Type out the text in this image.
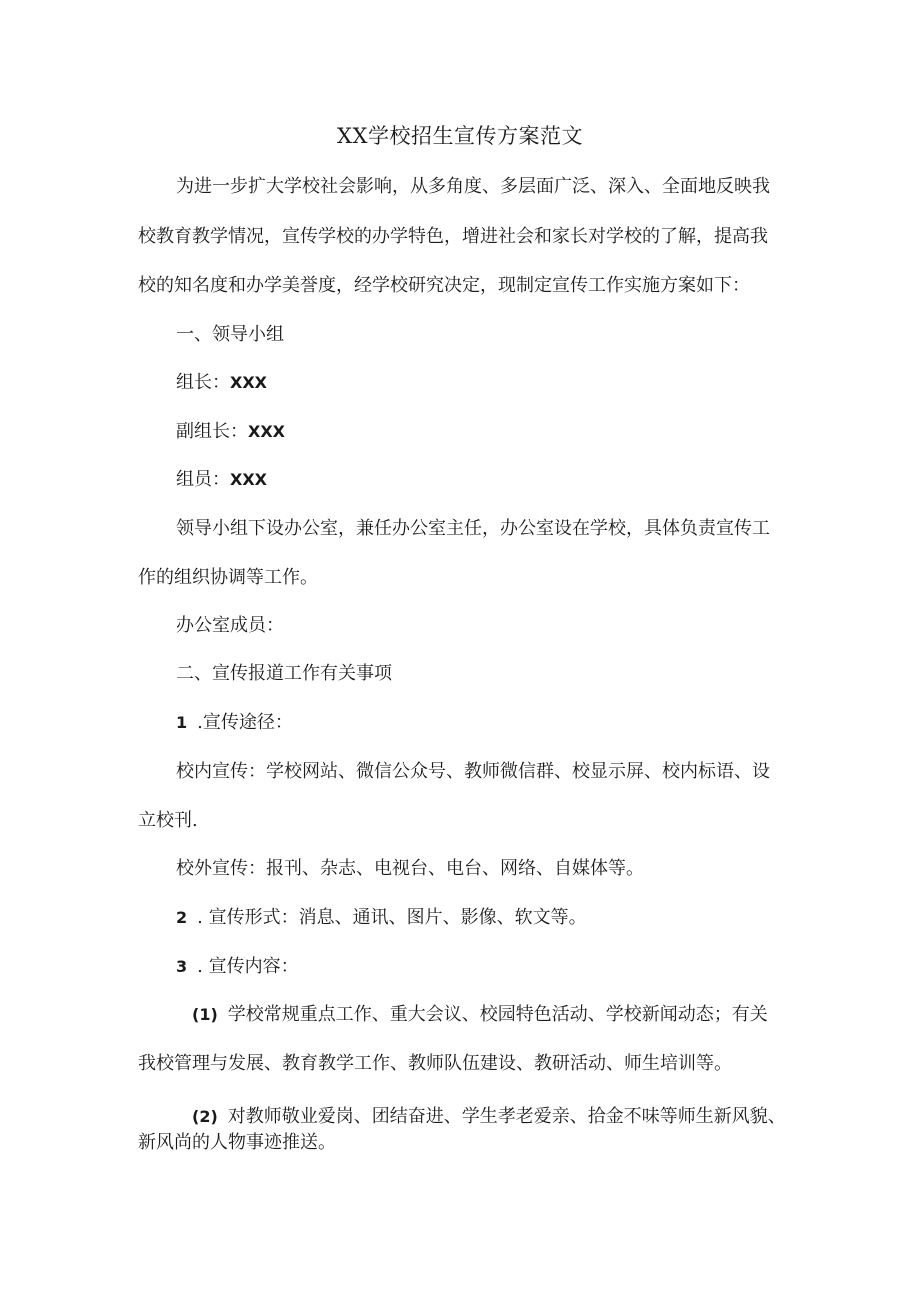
XX学校招生宣传方案范文
为进一步扩大学校社会影响，从多角度、多层面广泛、深入、全面地反映我
校教育教学情况，宣传学校的办学特色，增进社会和家长对学校的了解，提高我
校的知名度和办学美誉度，经学校研究决定，现制定宣传工作实施方案如下：
一、领导小组
组长：XXX
副组长：XXX
组员：XXX
领导小组下设办公室，兼任办公室主任，办公室设在学校，具体负责宣传工
作的组织协调等工作。
办公室成员：
二、宣传报道工作有关事项
1 .宣传途径：
校内宣传：学校网站、微信公众号、教师微信群、校显示屏、校内标语、设
立校刊.
校外宣传：报刊、杂志、电视台、电台、网络、自媒体等。
2 . 宣传形式：消息、通讯、图片、影像、软文等。
3 . 宣传内容：
(1) 学校常规重点工作、重大会议、校园特色活动、学校新闻动态；有关
我校管理与发展、教育教学工作、教师队伍建设、教研活动、师生培训等。
(2) 对教师敬业爱岗、团结奋进、学生孝老爱亲、拾金不味等师生新风貌、
新风尚的人物事迹推送。
